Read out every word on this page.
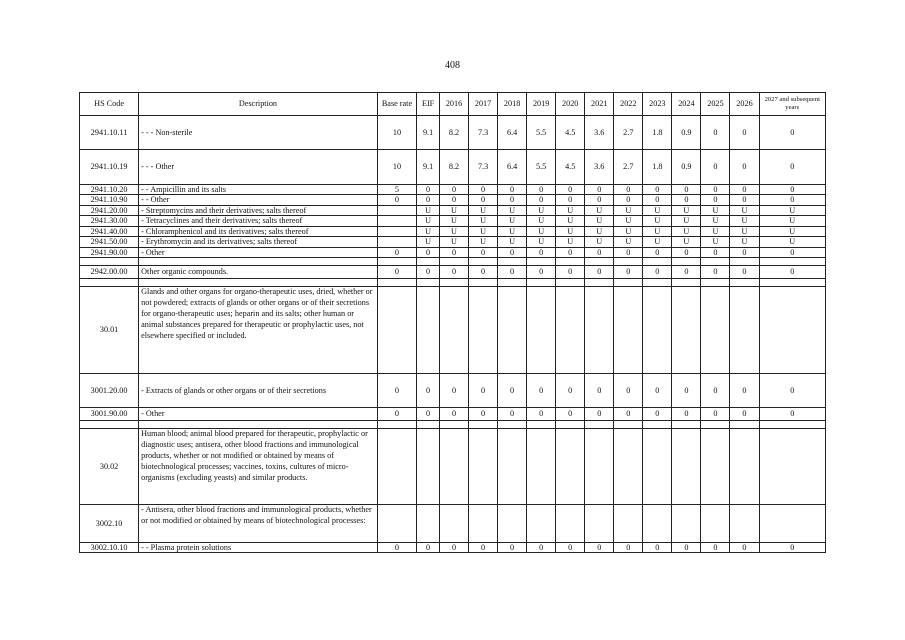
408
HS Code	Description	Base rate	EIF	2016	2017	2018	2019	2020	2021	2022	2023	2024	2025	2026	2027 and subsequent years
2941.10.11	- - - Non-sterile	10	9.1	8.2	7.3	6.4	5.5	4.5	3.6	2.7	1.8	0.9	0	0	0
2941.10.19	- - - Other	10	9.1	8.2	7.3	6.4	5.5	4.5	3.6	2.7	1.8	0.9	0	0	0
2941.10.20	- - Ampicillin and its salts	5	0	0	0	0	0	0	0	0	0	0	0	0	0
2941.10.90	- - Other	0	0	0	0	0	0	0	0	0	0	0	0	0	0
2941.20.00	- Streptomycins and their derivatives; salts thereof		U	U	U	U	U	U	U	U	U	U	U	U	U
2941.30.00	- Tetracyclines and their derivatives; salts thereof		U	U	U	U	U	U	U	U	U	U	U	U	U
2941.40.00	- Chloramphenicol and its derivatives; salts thereof		U	U	U	U	U	U	U	U	U	U	U	U	U
2941.50.00	- Erythromycin and its derivatives; salts thereof		U	U	U	U	U	U	U	U	U	U	U	U	U
2941.90.00	- Other	0	0	0	0	0	0	0	0	0	0	0	0	0	0

2942.00.00	Other organic compounds.	0	0	0	0	0	0	0	0	0	0	0	0	0	0

30.01	Glands and other organs for organo-therapeutic uses, dried, whether or not powdered; extracts of glands or other organs or of their secretions for organo-therapeutic uses; heparin and its salts; other human or animal substances prepared for therapeutic or prophylactic uses, not elsewhere specified or included.														
3001.20.00	- Extracts of glands or other organs or of their secretions	0	0	0	0	0	0	0	0	0	0	0	0	0	0
3001.90.00	- Other	0	0	0	0	0	0	0	0	0	0	0	0	0	0

30.02	Human blood; animal blood prepared for therapeutic, prophylactic or diagnostic uses; antisera, other blood fractions and immunological products, whether or not modified or obtained by means of biotechnological processes; vaccines, toxins, cultures of micro-organisms (excluding yeasts) and similar products.														
3002.10	- Antisera, other blood fractions and immunological products, whether or not modified or obtained by means of biotechnological processes:														
3002.10.10	- - Plasma protein solutions	0	0	0	0	0	0	0	0	0	0	0	0	0	0
